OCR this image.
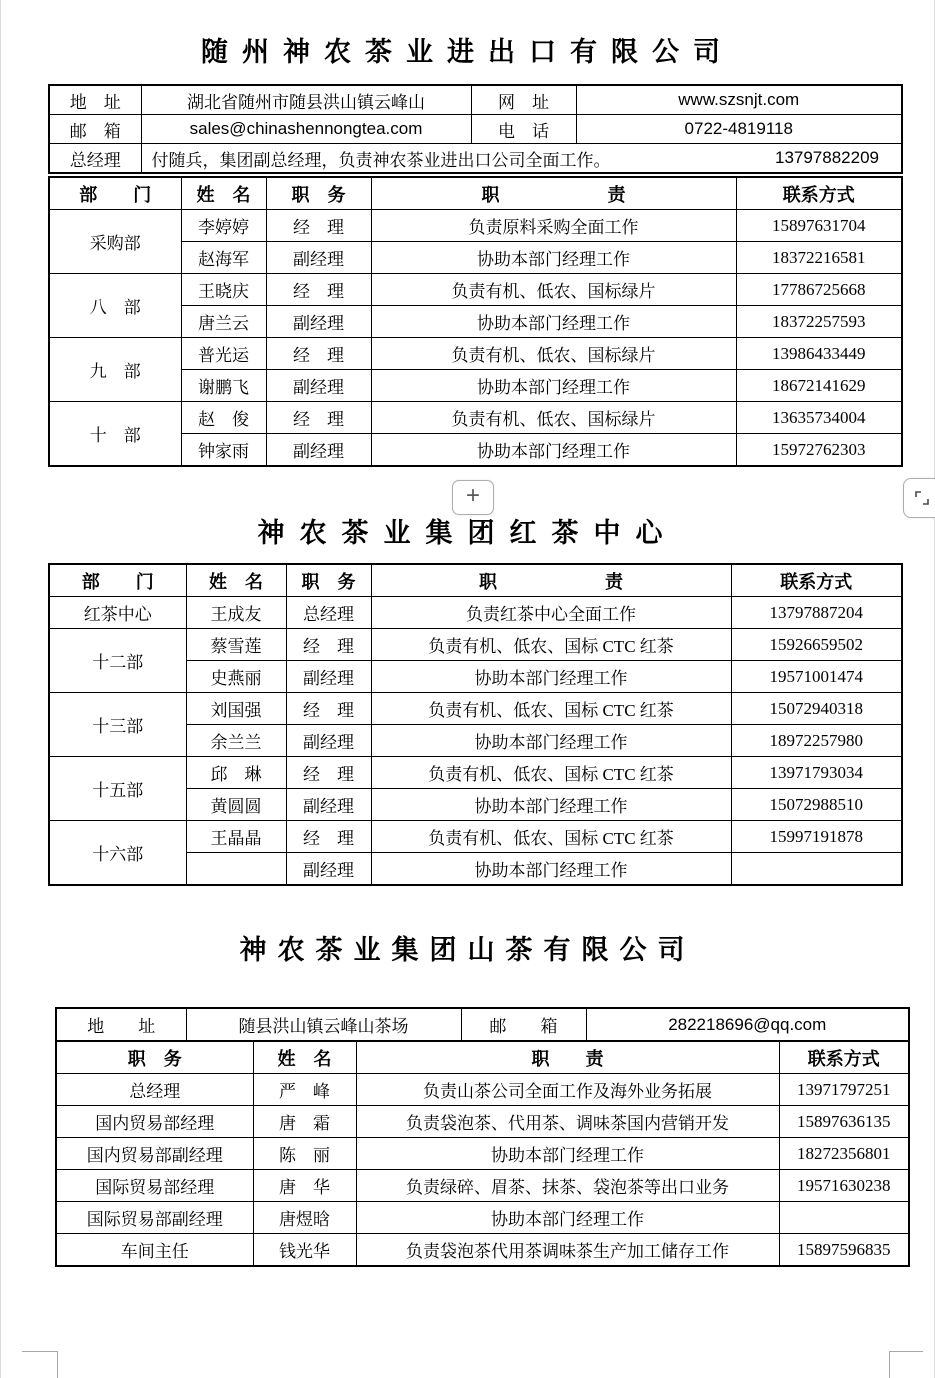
随州神农茶业进出口有限公司
地　址	湖北省随州市随县洪山镇云峰山	网　址	www.szsnjt.com
邮　箱	sales@chinashennongtea.com	电　话	0722-4819118
总经理	付随兵，集团副总经理，负责神农茶业进出口公司全面工作。 13797882209		
部　　门	姓　名	职　务	职　　　　　　责	联系方式
采购部	李婷婷	经　理	负责原料采购全面工作	15897631704
	赵海军	副经理	协助本部门经理工作	18372216581
八　部	王晓庆	经　理	负责有机、低农、国标绿片	17786725668
	唐兰云	副经理	协助本部门经理工作	18372257593
九　部	普光运	经　理	负责有机、低农、国标绿片	13986433449
	谢鹏飞	副经理	协助本部门经理工作	18672141629
十　部	赵　俊	经　理	负责有机、低农、国标绿片	13635734004
	钟家雨	副经理	协助本部门经理工作	15972762303
+
神农茶业集团红茶中心
部　　门	姓　名	职　务	职　　　　　　责	联系方式
红茶中心	王成友	总经理	负责红茶中心全面工作	13797887204
十二部	蔡雪莲	经　理	负责有机、低农、国标 CTC 红茶	15926659502
	史燕丽	副经理	协助本部门经理工作	19571001474
十三部	刘国强	经　理	负责有机、低农、国标 CTC 红茶	15072940318
	余兰兰	副经理	协助本部门经理工作	18972257980
十五部	邱　琳	经　理	负责有机、低农、国标 CTC 红茶	13971793034
	黄圆圆	副经理	协助本部门经理工作	15072988510
十六部	王晶晶	经　理	负责有机、低农、国标 CTC 红茶	15997191878
		副经理	协助本部门经理工作	
神农茶业集团山茶有限公司
地　　址	随县洪山镇云峰山茶场	邮　　箱	282218696@qq.com
职　务	姓　名	职　　责	联系方式
总经理	严　峰	负责山茶公司全面工作及海外业务拓展	13971797251
国内贸易部经理	唐　霜	负责袋泡茶、代用茶、调味茶国内营销开发	15897636135
国内贸易部副经理	陈　丽	协助本部门经理工作	18272356801
国际贸易部经理	唐　华	负责绿碎、眉茶、抹茶、袋泡茶等出口业务	19571630238
国际贸易部副经理	唐煜晗	协助本部门经理工作	
车间主任	钱光华	负责袋泡茶代用茶调味茶生产加工储存工作	15897596835
